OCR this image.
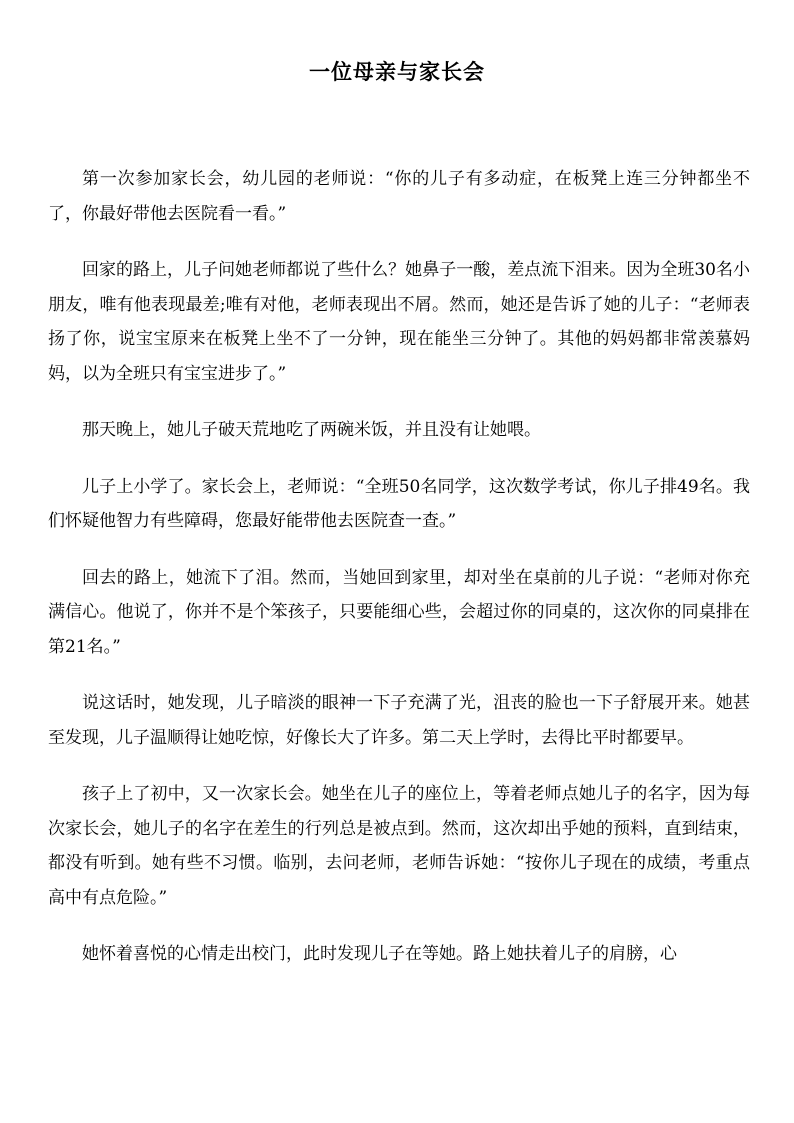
一位母亲与家长会

第一次参加家长会，幼儿园的老师说：“你的儿子有多动症，在板凳上连三分钟都坐不了，你最好带他去医院看一看。”

回家的路上，儿子问她老师都说了些什么？她鼻子一酸，差点流下泪来。因为全班30名小朋友，唯有他表现最差;唯有对他，老师表现出不屑。然而，她还是告诉了她的儿子：“老师表扬了你，说宝宝原来在板凳上坐不了一分钟，现在能坐三分钟了。其他的妈妈都非常羡慕妈妈，以为全班只有宝宝进步了。”

那天晚上，她儿子破天荒地吃了两碗米饭，并且没有让她喂。

儿子上小学了。家长会上，老师说：“全班50名同学，这次数学考试，你儿子排49名。我们怀疑他智力有些障碍，您最好能带他去医院查一查。”

回去的路上，她流下了泪。然而，当她回到家里，却对坐在桌前的儿子说：“老师对你充满信心。他说了，你并不是个笨孩子，只要能细心些，会超过你的同桌的，这次你的同桌排在第21名。”

说这话时，她发现，儿子暗淡的眼神一下子充满了光，沮丧的脸也一下子舒展开来。她甚至发现，儿子温顺得让她吃惊，好像长大了许多。第二天上学时，去得比平时都要早。

孩子上了初中，又一次家长会。她坐在儿子的座位上，等着老师点她儿子的名字，因为每次家长会，她儿子的名字在差生的行列总是被点到。然而，这次却出乎她的预料，直到结束，都没有听到。她有些不习惯。临别，去问老师，老师告诉她：“按你儿子现在的成绩，考重点高中有点危险。”

她怀着喜悦的心情走出校门，此时发现儿子在等她。路上她扶着儿子的肩膀，心
